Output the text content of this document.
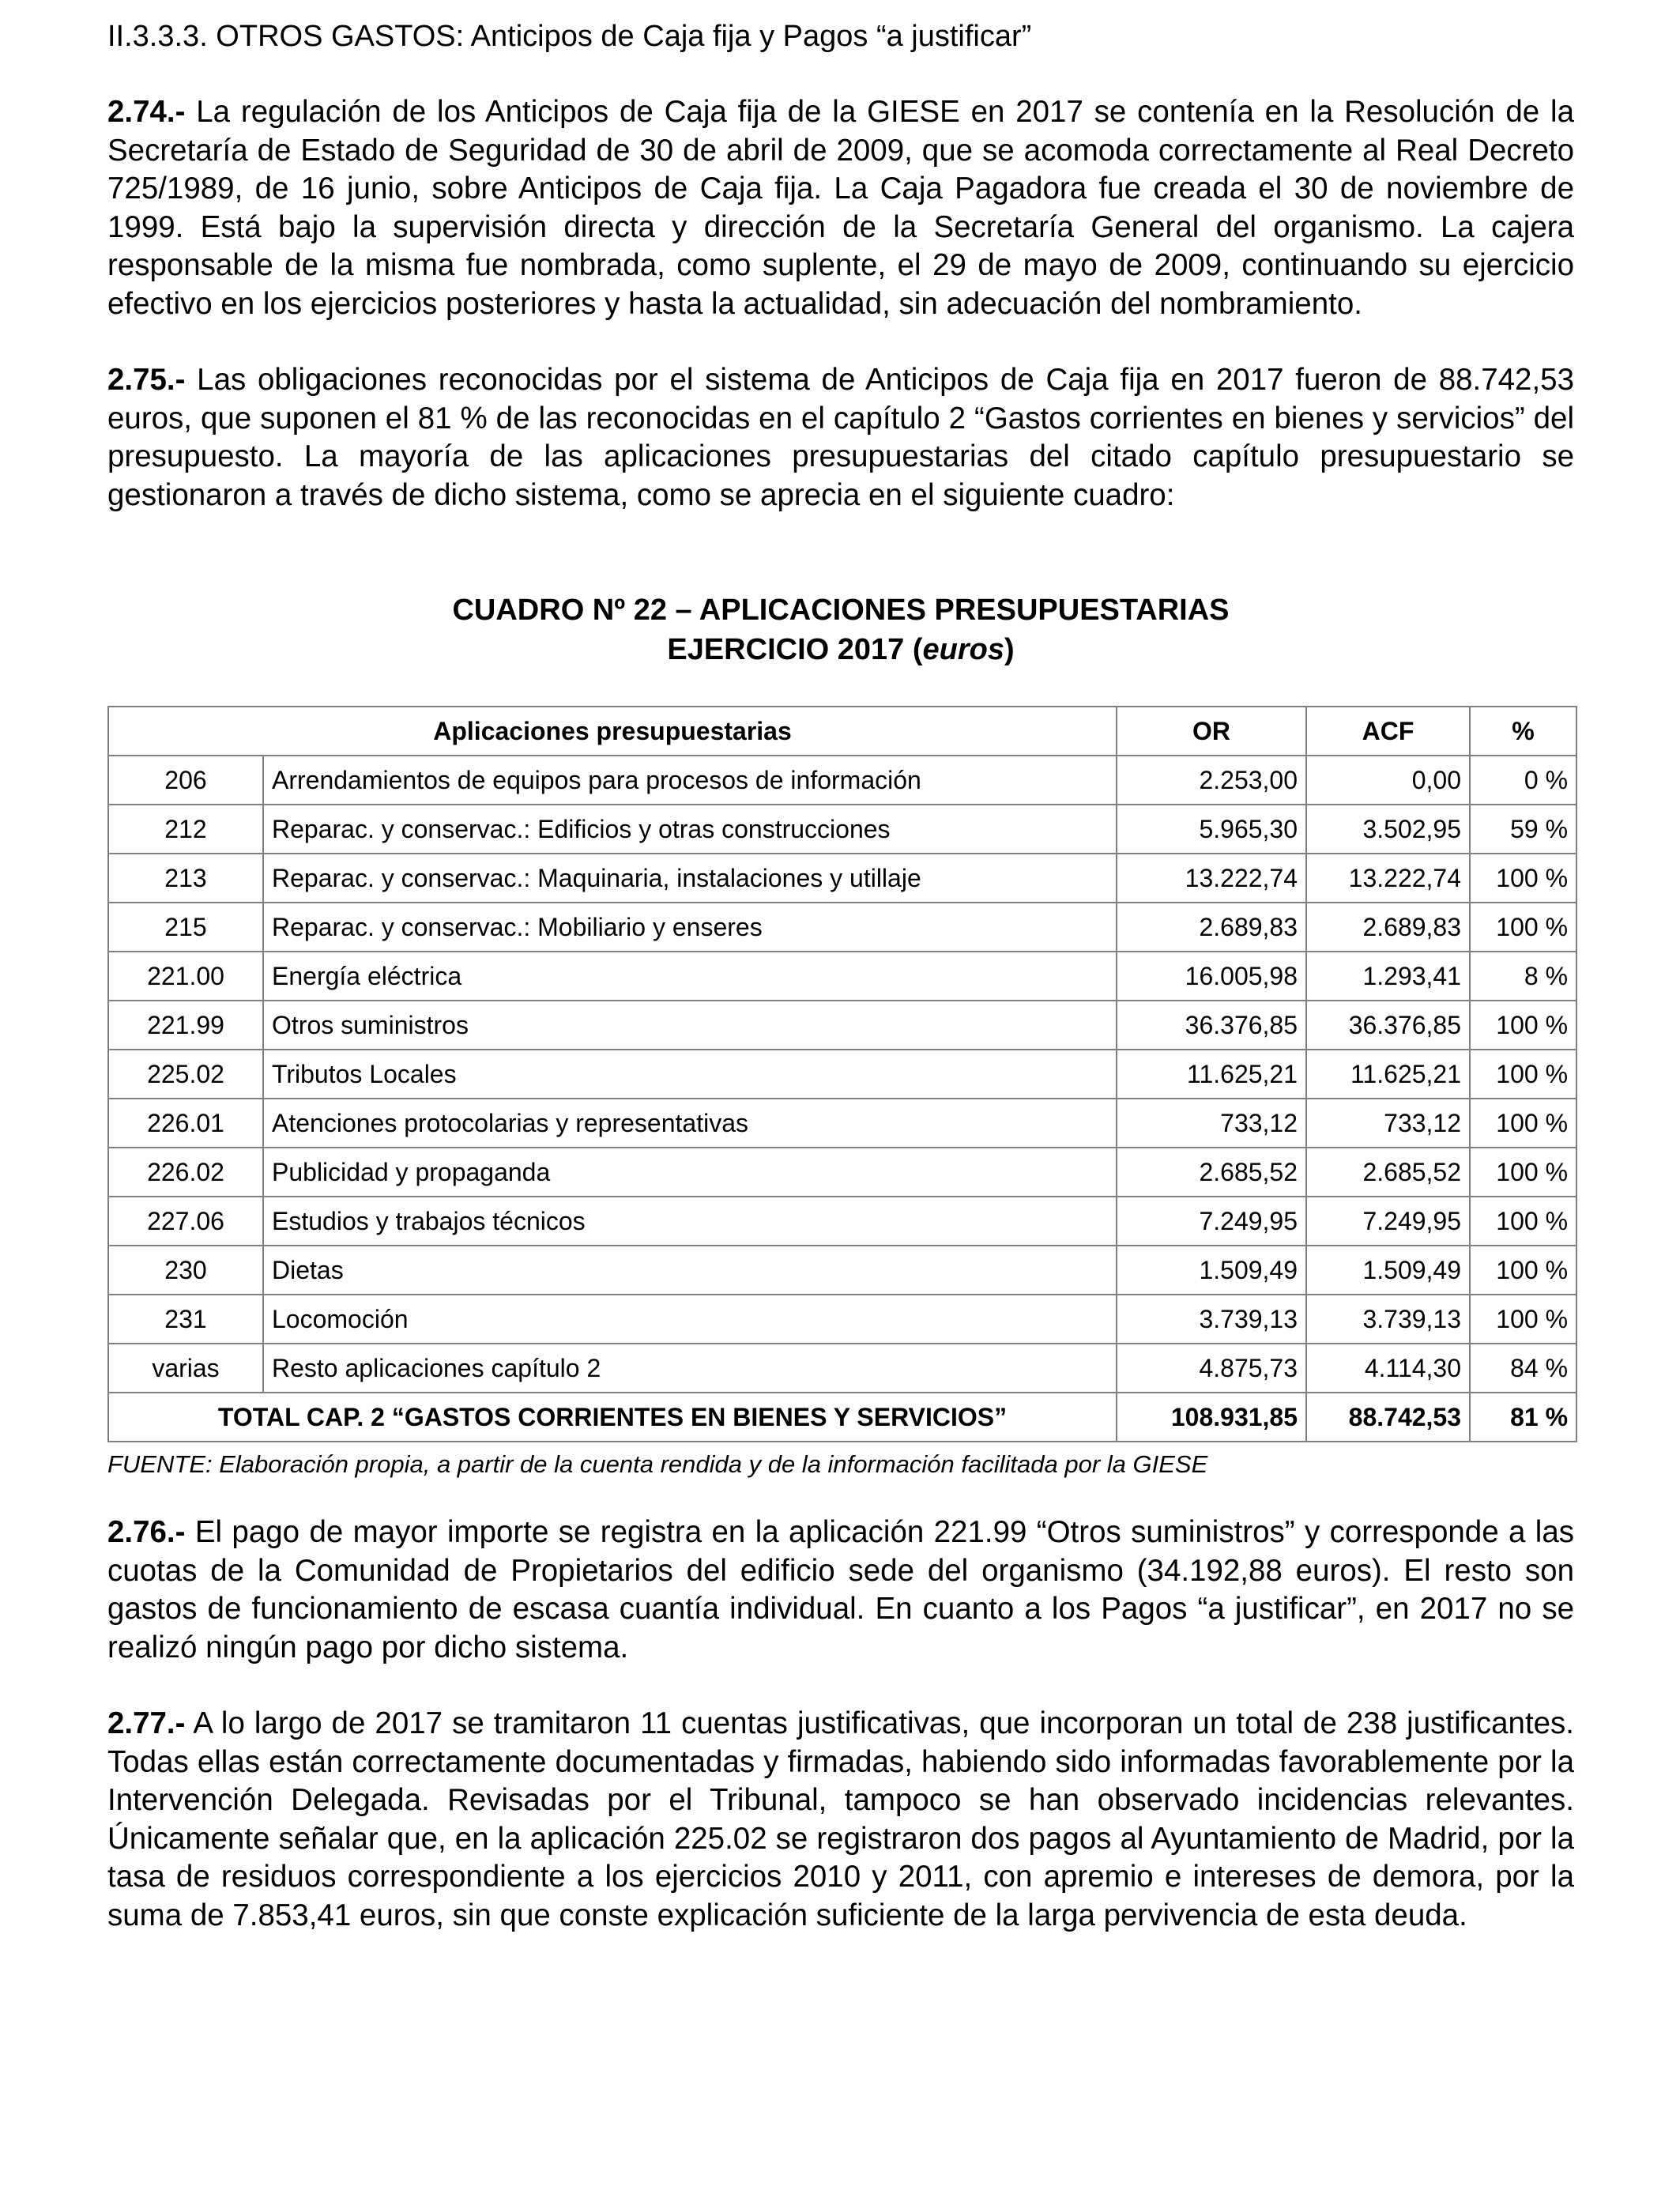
II.3.3.3. OTROS GASTOS: Anticipos de Caja fija y Pagos “a justificar”

2.74.- La regulación de los Anticipos de Caja fija de la GIESE en 2017 se contenía en la Resolución de la Secretaría de Estado de Seguridad de 30 de abril de 2009, que se acomoda correctamente al Real Decreto 725/1989, de 16 junio, sobre Anticipos de Caja fija. La Caja Pagadora fue creada el 30 de noviembre de 1999. Está bajo la supervisión directa y dirección de la Secretaría General del organismo. La cajera responsable de la misma fue nombrada, como suplente, el 29 de mayo de 2009, continuando su ejercicio efectivo en los ejercicios posteriores y hasta la actualidad, sin adecuación del nombramiento.

2.75.- Las obligaciones reconocidas por el sistema de Anticipos de Caja fija en 2017 fueron de 88.742,53 euros, que suponen el 81 % de las reconocidas en el capítulo 2 “Gastos corrientes en bienes y servicios” del presupuesto. La mayoría de las aplicaciones presupuestarias del citado capítulo presupuestario se gestionaron a través de dicho sistema, como se aprecia en el siguiente cuadro:

CUADRO Nº 22 – APLICACIONES PRESUPUESTARIAS

EJERCICIO 2017 (euros)

Aplicaciones presupuestarias		OR	ACF	%
206	Arrendamientos de equipos para procesos de información	2.253,00	0,00	0 %
212	Reparac. y conservac.: Edificios y otras construcciones	5.965,30	3.502,95	59 %
213	Reparac. y conservac.: Maquinaria, instalaciones y utillaje	13.222,74	13.222,74	100 %
215	Reparac. y conservac.: Mobiliario y enseres	2.689,83	2.689,83	100 %
221.00	Energía eléctrica	16.005,98	1.293,41	8 %
221.99	Otros suministros	36.376,85	36.376,85	100 %
225.02	Tributos Locales	11.625,21	11.625,21	100 %
226.01	Atenciones protocolarias y representativas	733,12	733,12	100 %
226.02	Publicidad y propaganda	2.685,52	2.685,52	100 %
227.06	Estudios y trabajos técnicos	7.249,95	7.249,95	100 %
230	Dietas	1.509,49	1.509,49	100 %
231	Locomoción	3.739,13	3.739,13	100 %
varias	Resto aplicaciones capítulo 2	4.875,73	4.114,30	84 %
TOTAL CAP. 2 “GASTOS CORRIENTES EN BIENES Y SERVICIOS”		108.931,85	88.742,53	81 %

FUENTE: Elaboración propia, a partir de la cuenta rendida y de la información facilitada por la GIESE

2.76.- El pago de mayor importe se registra en la aplicación 221.99 “Otros suministros” y corresponde a las cuotas de la Comunidad de Propietarios del edificio sede del organismo (34.192,88 euros). El resto son gastos de funcionamiento de escasa cuantía individual. En cuanto a los Pagos “a justificar”, en 2017 no se realizó ningún pago por dicho sistema.

2.77.- A lo largo de 2017 se tramitaron 11 cuentas justificativas, que incorporan un total de 238 justificantes. Todas ellas están correctamente documentadas y firmadas, habiendo sido informadas favorablemente por la Intervención Delegada. Revisadas por el Tribunal, tampoco se han observado incidencias relevantes. Únicamente señalar que, en la aplicación 225.02 se registraron dos pagos al Ayuntamiento de Madrid, por la tasa de residuos correspondiente a los ejercicios 2010 y 2011, con apremio e intereses de demora, por la suma de 7.853,41 euros, sin que conste explicación suficiente de la larga pervivencia de esta deuda.
